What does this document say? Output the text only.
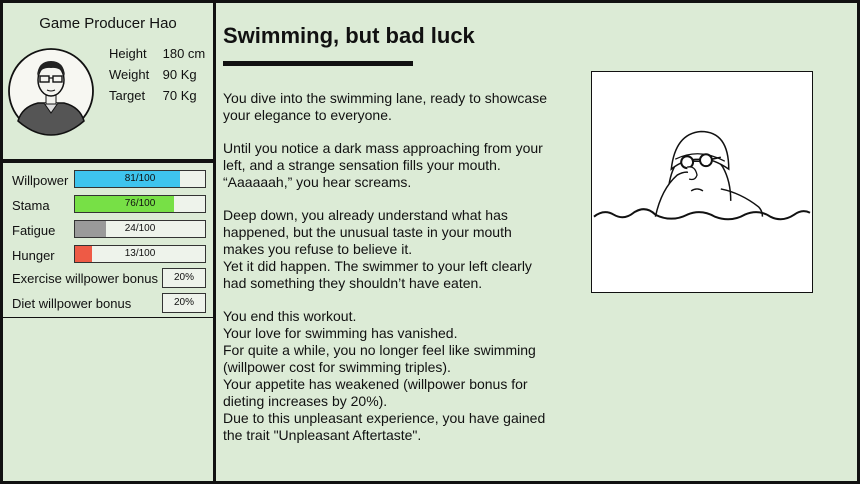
Game Producer Hao
Height 180 cm
Weight 90 Kg
Target 70 Kg
Willpower	81/100
Stama	76/100
Fatigue	24/100
Hunger	13/100
Exercise willpower bonus	20%
Diet willpower bonus	20%
Swimming, but bad luck

You dive into the swimming lane, ready to showcase your elegance to everyone.

Until you notice a dark mass approaching from your left, and a strange sensation fills your mouth. “Aaaaaah,” you hear screams.

Deep down, you already understand what has happened, but the unusual taste in your mouth makes you refuse to believe it.
Yet it did happen. The swimmer to your left clearly had something they shouldn’t have eaten.

You end this workout.
Your love for swimming has vanished.
For quite a while, you no longer feel like swimming (willpower cost for swimming triples).
Your appetite has weakened (willpower bonus for dieting increases by 20%).
Due to this unpleasant experience, you have gained the trait "Unpleasant Aftertaste".
